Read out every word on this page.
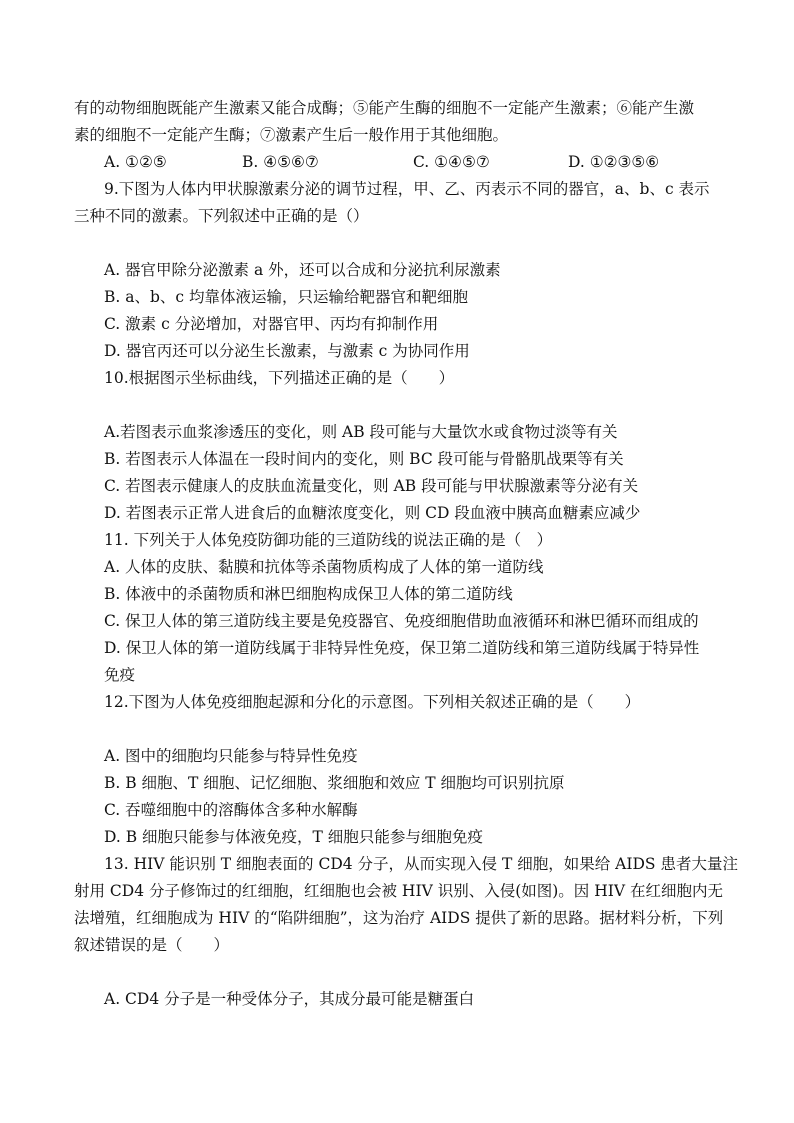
有的动物细胞既能产生激素又能合成酶；⑤能产生酶的细胞不一定能产生激素；⑥能产生激
素的细胞不一定能产生酶；⑦激素产生后一般作用于其他细胞。
A. ①②⑤	B. ④⑤⑥⑦	C. ①④⑤⑦	D. ①②③⑤⑥
9.下图为人体内甲状腺激素分泌的调节过程，甲、乙、丙表示不同的器官，a、b、c 表示
三种不同的激素。下列叙述中正确的是（）
A. 器官甲除分泌激素 a 外，还可以合成和分泌抗利尿激素
B. a、b、c 均靠体液运输，只运输给靶器官和靶细胞
C. 激素 c 分泌增加，对器官甲、丙均有抑制作用
D. 器官丙还可以分泌生长激素，与激素 c 为协同作用
10.根据图示坐标曲线，下列描述正确的是（　　）
A.若图表示血浆渗透压的变化，则 AB 段可能与大量饮水或食物过淡等有关
B. 若图表示人体温在一段时间内的变化，则 BC 段可能与骨骼肌战栗等有关
C. 若图表示健康人的皮肤血流量变化，则 AB 段可能与甲状腺激素等分泌有关
D. 若图表示正常人进食后的血糖浓度变化，则 CD 段血液中胰高血糖素应减少
11. 下列关于人体免疫防御功能的三道防线的说法正确的是（　）
A. 人体的皮肤、黏膜和抗体等杀菌物质构成了人体的第一道防线
B. 体液中的杀菌物质和淋巴细胞构成保卫人体的第二道防线
C. 保卫人体的第三道防线主要是免疫器官、免疫细胞借助血液循环和淋巴循环而组成的
D. 保卫人体的第一道防线属于非特异性免疫，保卫第二道防线和第三道防线属于特异性
免疫
12.下图为人体免疫细胞起源和分化的示意图。下列相关叙述正确的是（　　）
A. 图中的细胞均只能参与特异性免疫
B. B 细胞、T 细胞、记忆细胞、浆细胞和效应 T 细胞均可识别抗原
C. 吞噬细胞中的溶酶体含多种水解酶
D. B 细胞只能参与体液免疫，T 细胞只能参与细胞免疫
13. HIV 能识别 T 细胞表面的 CD4 分子，从而实现入侵 T 细胞，如果给 AIDS 患者大量注
射用 CD4 分子修饰过的红细胞，红细胞也会被 HIV 识别、入侵(如图)。因 HIV 在红细胞内无
法增殖，红细胞成为 HIV 的“陷阱细胞”，这为治疗 AIDS 提供了新的思路。据材料分析，下列
叙述错误的是（　　）
A. CD4 分子是一种受体分子，其成分最可能是糖蛋白
